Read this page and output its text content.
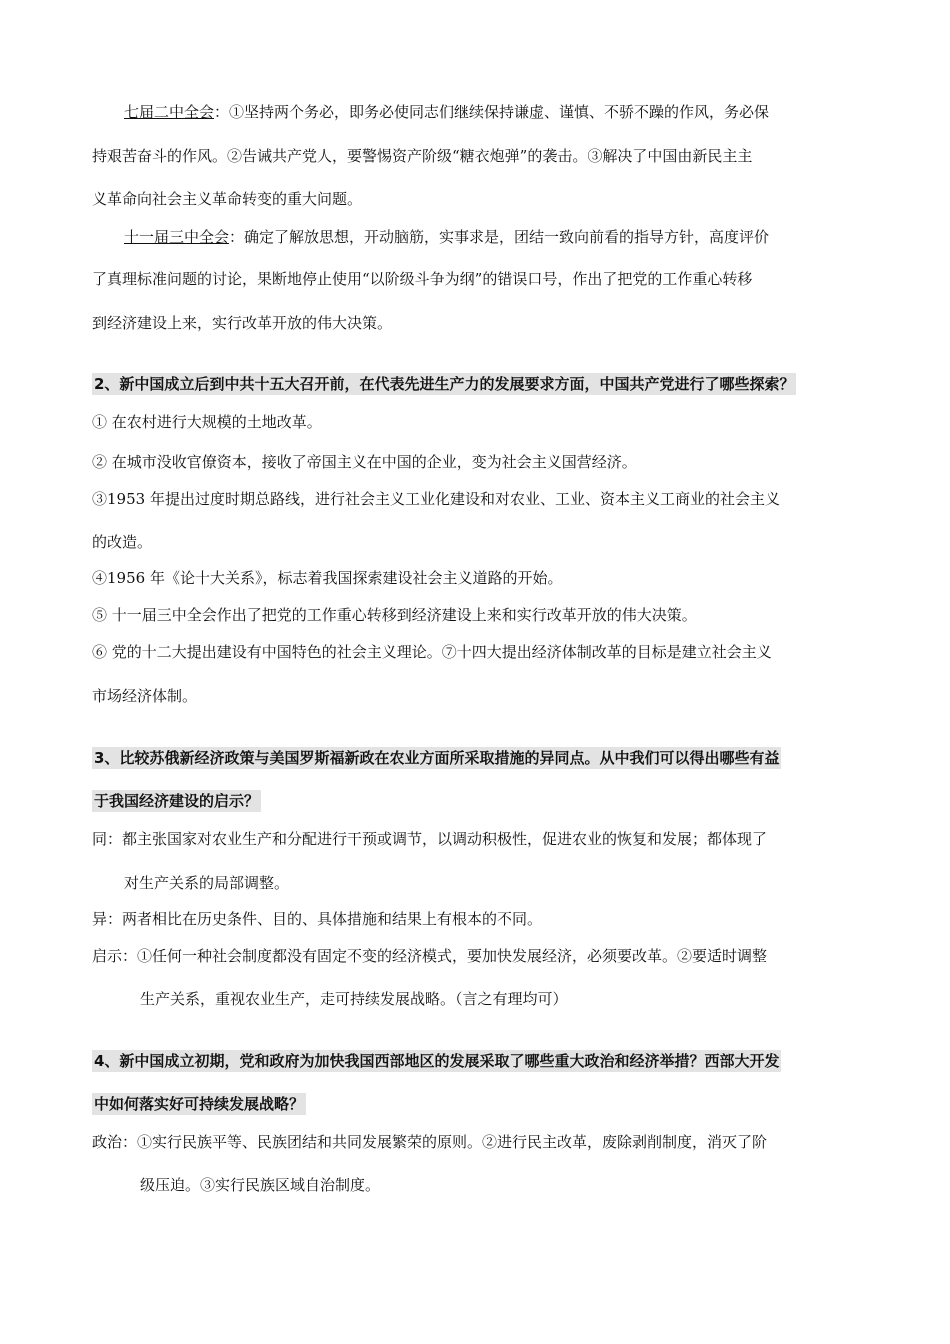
七届二中全会：①坚持两个务必，即务必使同志们继续保持谦虚、谨慎、不骄不躁的作风，务必保
持艰苦奋斗的作风。②告诫共产党人，要警惕资产阶级“糖衣炮弹”的袭击。③解决了中国由新民主主
义革命向社会主义革命转变的重大问题。
十一届三中全会：确定了解放思想，开动脑筋，实事求是，团结一致向前看的指导方针，高度评价
了真理标准问题的讨论，果断地停止使用“以阶级斗争为纲”的错误口号，作出了把党的工作重心转移
到经济建设上来，实行改革开放的伟大决策。
2、新中国成立后到中共十五大召开前，在代表先进生产力的发展要求方面，中国共产党进行了哪些探索？
① 在农村进行大规模的土地改革。
② 在城市没收官僚资本，接收了帝国主义在中国的企业，变为社会主义国营经济。
③1953 年提出过度时期总路线，进行社会主义工业化建设和对农业、工业、资本主义工商业的社会主义
的改造。
④1956 年《论十大关系》，标志着我国探索建设社会主义道路的开始。
⑤ 十一届三中全会作出了把党的工作重心转移到经济建设上来和实行改革开放的伟大决策。
⑥ 党的十二大提出建设有中国特色的社会主义理论。⑦十四大提出经济体制改革的目标是建立社会主义
市场经济体制。
3、比较苏俄新经济政策与美国罗斯福新政在农业方面所采取措施的异同点。从中我们可以得出哪些有益
于我国经济建设的启示？
同：都主张国家对农业生产和分配进行干预或调节，以调动积极性，促进农业的恢复和发展；都体现了
对生产关系的局部调整。
异：两者相比在历史条件、目的、具体措施和结果上有根本的不同。
启示：①任何一种社会制度都没有固定不变的经济模式，要加快发展经济，必须要改革。②要适时调整
生产关系，重视农业生产，走可持续发展战略。（言之有理均可）
4、新中国成立初期，党和政府为加快我国西部地区的发展采取了哪些重大政治和经济举措？西部大开发
中如何落实好可持续发展战略？
政治：①实行民族平等、民族团结和共同发展繁荣的原则。②进行民主改革，废除剥削制度，消灭了阶
级压迫。③实行民族区域自治制度。
